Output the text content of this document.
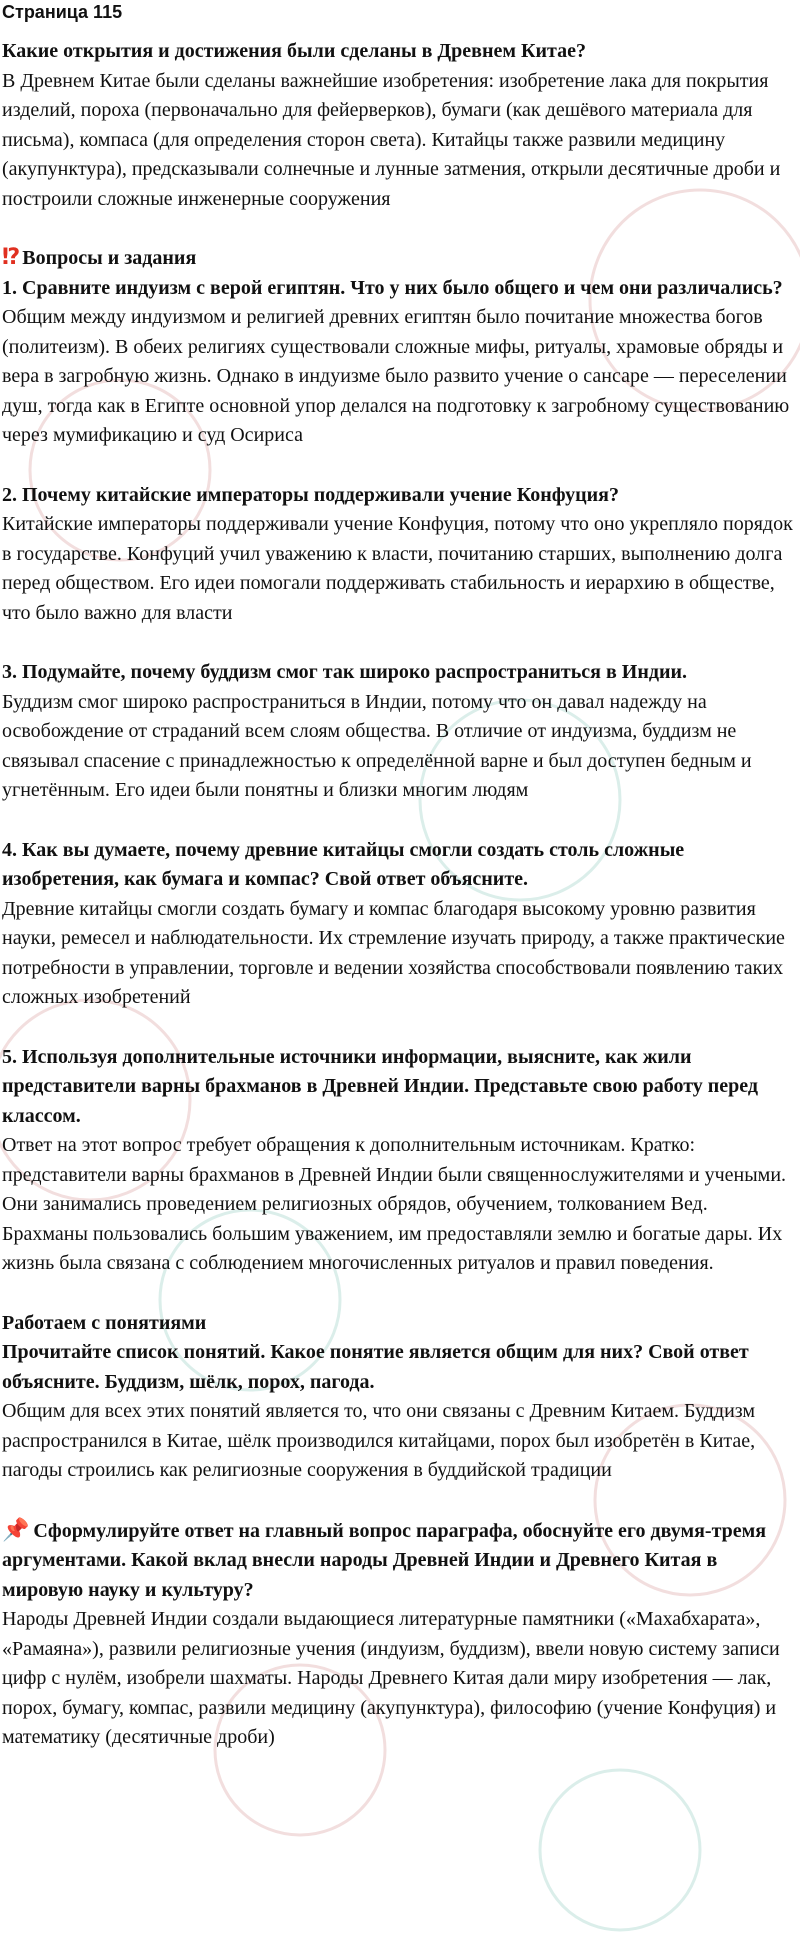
Страница 115

Какие открытия и достижения были сделаны в Древнем Китае?

В Древнем Китае были сделаны важнейшие изобретения: изобретение лака для покрытия изделий, пороха (первоначально для фейерверков), бумаги (как дешёвого материала для письма), компаса (для определения сторон света). Китайцы также развили медицину (акупунктура), предсказывали солнечные и лунные затмения, открыли десятичные дроби и построили сложные инженерные сооружения

⁉ Вопросы и задания

1. Сравните индуизм с верой египтян. Что у них было общего и чем они различались?

Общим между индуизмом и религией древних египтян было почитание множества богов (политеизм). В обеих религиях существовали сложные мифы, ритуалы, храмовые обряды и вера в загробную жизнь. Однако в индуизме было развито учение о сансаре — переселении душ, тогда как в Египте основной упор делался на подготовку к загробному существованию через мумификацию и суд Осириса

2. Почему китайские императоры поддерживали учение Конфуция?

Китайские императоры поддерживали учение Конфуция, потому что оно укрепляло порядок в государстве. Конфуций учил уважению к власти, почитанию старших, выполнению долга перед обществом. Его идеи помогали поддерживать стабильность и иерархию в обществе, что было важно для власти

3. Подумайте, почему буддизм смог так широко распространиться в Индии.

Буддизм смог широко распространиться в Индии, потому что он давал надежду на освобождение от страданий всем слоям общества. В отличие от индуизма, буддизм не связывал спасение с принадлежностью к определённой варне и был доступен бедным и угнетённым. Его идеи были понятны и близки многим людям

4. Как вы думаете, почему древние китайцы смогли создать столь сложные изобретения, как бумага и компас? Свой ответ объясните.

Древние китайцы смогли создать бумагу и компас благодаря высокому уровню развития науки, ремесел и наблюдательности. Их стремление изучать природу, а также практические потребности в управлении, торговле и ведении хозяйства способствовали появлению таких сложных изобретений

5. Используя дополнительные источники информации, выясните, как жили представители варны брахманов в Древней Индии. Представьте свою работу перед классом.

Ответ на этот вопрос требует обращения к дополнительным источникам. Кратко: представители варны брахманов в Древней Индии были священнослужителями и учеными. Они занимались проведением религиозных обрядов, обучением, толкованием Вед. Брахманы пользовались большим уважением, им предоставляли землю и богатые дары. Их жизнь была связана с соблюдением многочисленных ритуалов и правил поведения.

Работаем с понятиями

Прочитайте список понятий. Какое понятие является общим для них? Свой ответ объясните. Буддизм, шёлк, порох, пагода.

Общим для всех этих понятий является то, что они связаны с Древним Китаем. Буддизм распространился в Китае, шёлк производился китайцами, порох был изобретён в Китае, пагоды строились как религиозные сооружения в буддийской традиции

📌 Сформулируйте ответ на главный вопрос параграфа, обоснуйте его двумя-тремя аргументами. Какой вклад внесли народы Древней Индии и Древнего Китая в мировую науку и культуру?

Народы Древней Индии создали выдающиеся литературные памятники («Махабхарата», «Рамаяна»), развили религиозные учения (индуизм, буддизм), ввели новую систему записи цифр с нулём, изобрели шахматы. Народы Древнего Китая дали миру изобретения — лак, порох, бумагу, компас, развили медицину (акупунктура), философию (учение Конфуция) и математику (десятичные дроби)
